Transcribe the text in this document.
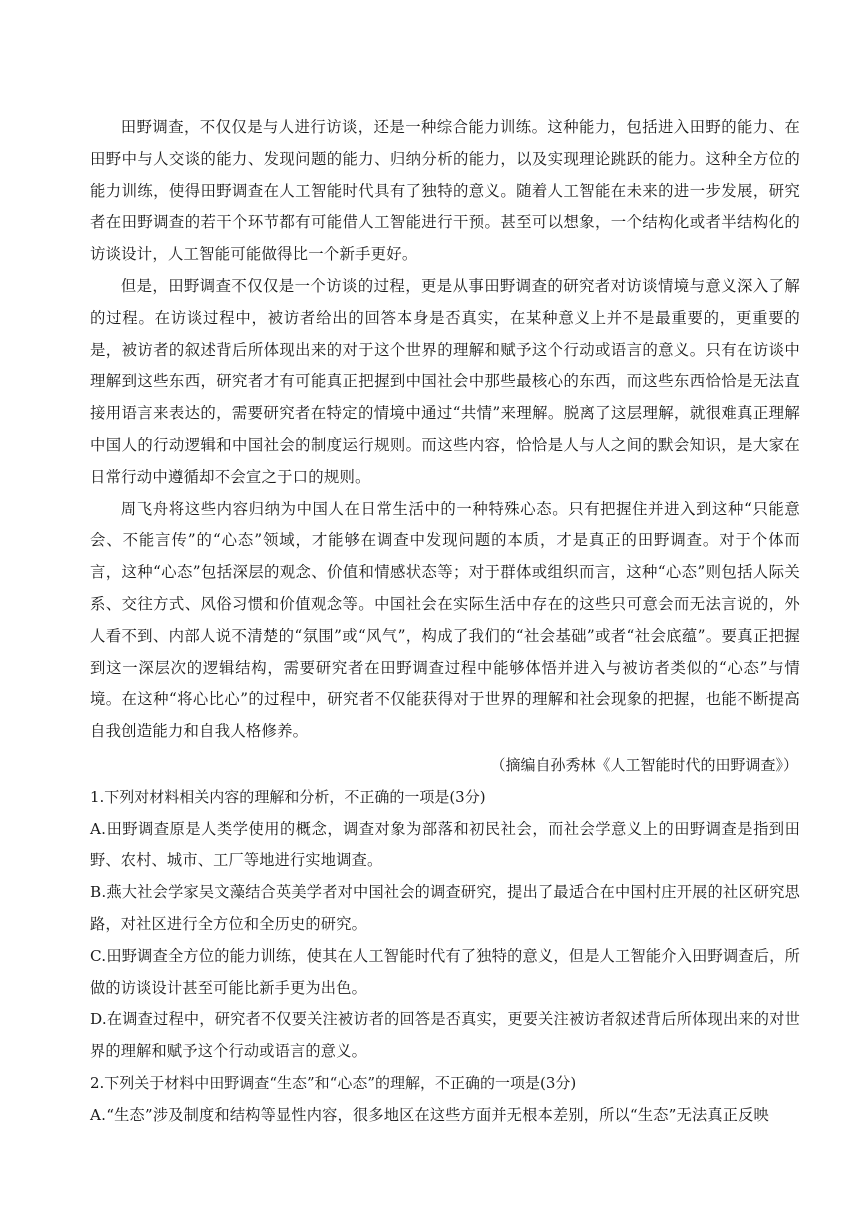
田野调查，不仅仅是与人进行访谈，还是一种综合能力训练。这种能力，包括进入田野的能力、在田野中与人交谈的能力、发现问题的能力、归纳分析的能力，以及实现理论跳跃的能力。这种全方位的能力训练，使得田野调查在人工智能时代具有了独特的意义。随着人工智能在未来的进一步发展，研究者在田野调查的若干个环节都有可能借人工智能进行干预。甚至可以想象，一个结构化或者半结构化的访谈设计，人工智能可能做得比一个新手更好。

但是，田野调查不仅仅是一个访谈的过程，更是从事田野调查的研究者对访谈情境与意义深入了解的过程。在访谈过程中，被访者给出的回答本身是否真实，在某种意义上并不是最重要的，更重要的是，被访者的叙述背后所体现出来的对于这个世界的理解和赋予这个行动或语言的意义。只有在访谈中理解到这些东西，研究者才有可能真正把握到中国社会中那些最核心的东西，而这些东西恰恰是无法直接用语言来表达的，需要研究者在特定的情境中通过“共情”来理解。脱离了这层理解，就很难真正理解中国人的行动逻辑和中国社会的制度运行规则。而这些内容，恰恰是人与人之间的默会知识，是大家在日常行动中遵循却不会宣之于口的规则。

周飞舟将这些内容归纳为中国人在日常生活中的一种特殊心态。只有把握住并进入到这种“只能意会、不能言传”的“心态”领域，才能够在调查中发现问题的本质，才是真正的田野调查。对于个体而言，这种“心态”包括深层的观念、价值和情感状态等；对于群体或组织而言，这种“心态”则包括人际关系、交往方式、风俗习惯和价值观念等。中国社会在实际生活中存在的这些只可意会而无法言说的，外人看不到、内部人说不清楚的“氛围”或“风气”，构成了我们的“社会基础”或者“社会底蕴”。要真正把握到这一深层次的逻辑结构，需要研究者在田野调查过程中能够体悟并进入与被访者类似的“心态”与情境。在这种“将心比心”的过程中，研究者不仅能获得对于世界的理解和社会现象的把握，也能不断提高自我创造能力和自我人格修养。

（摘编自孙秀林《人工智能时代的田野调查》）

1.下列对材料相关内容的理解和分析，不正确的一项是(3分)

A.田野调查原是人类学使用的概念，调查对象为部落和初民社会，而社会学意义上的田野调查是指到田野、农村、城市、工厂等地进行实地调查。

B.燕大社会学家吴文藻结合英美学者对中国社会的调查研究，提出了最适合在中国村庄开展的社区研究思路，对社区进行全方位和全历史的研究。

C.田野调查全方位的能力训练，使其在人工智能时代有了独特的意义，但是人工智能介入田野调查后，所做的访谈设计甚至可能比新手更为出色。

D.在调查过程中，研究者不仅要关注被访者的回答是否真实，更要关注被访者叙述背后所体现出来的对世界的理解和赋予这个行动或语言的意义。

2.下列关于材料中田野调查“生态”和“心态”的理解，不正确的一项是(3分)

A.“生态”涉及制度和结构等显性内容，很多地区在这些方面并无根本差别，所以“生态”无法真正反映
